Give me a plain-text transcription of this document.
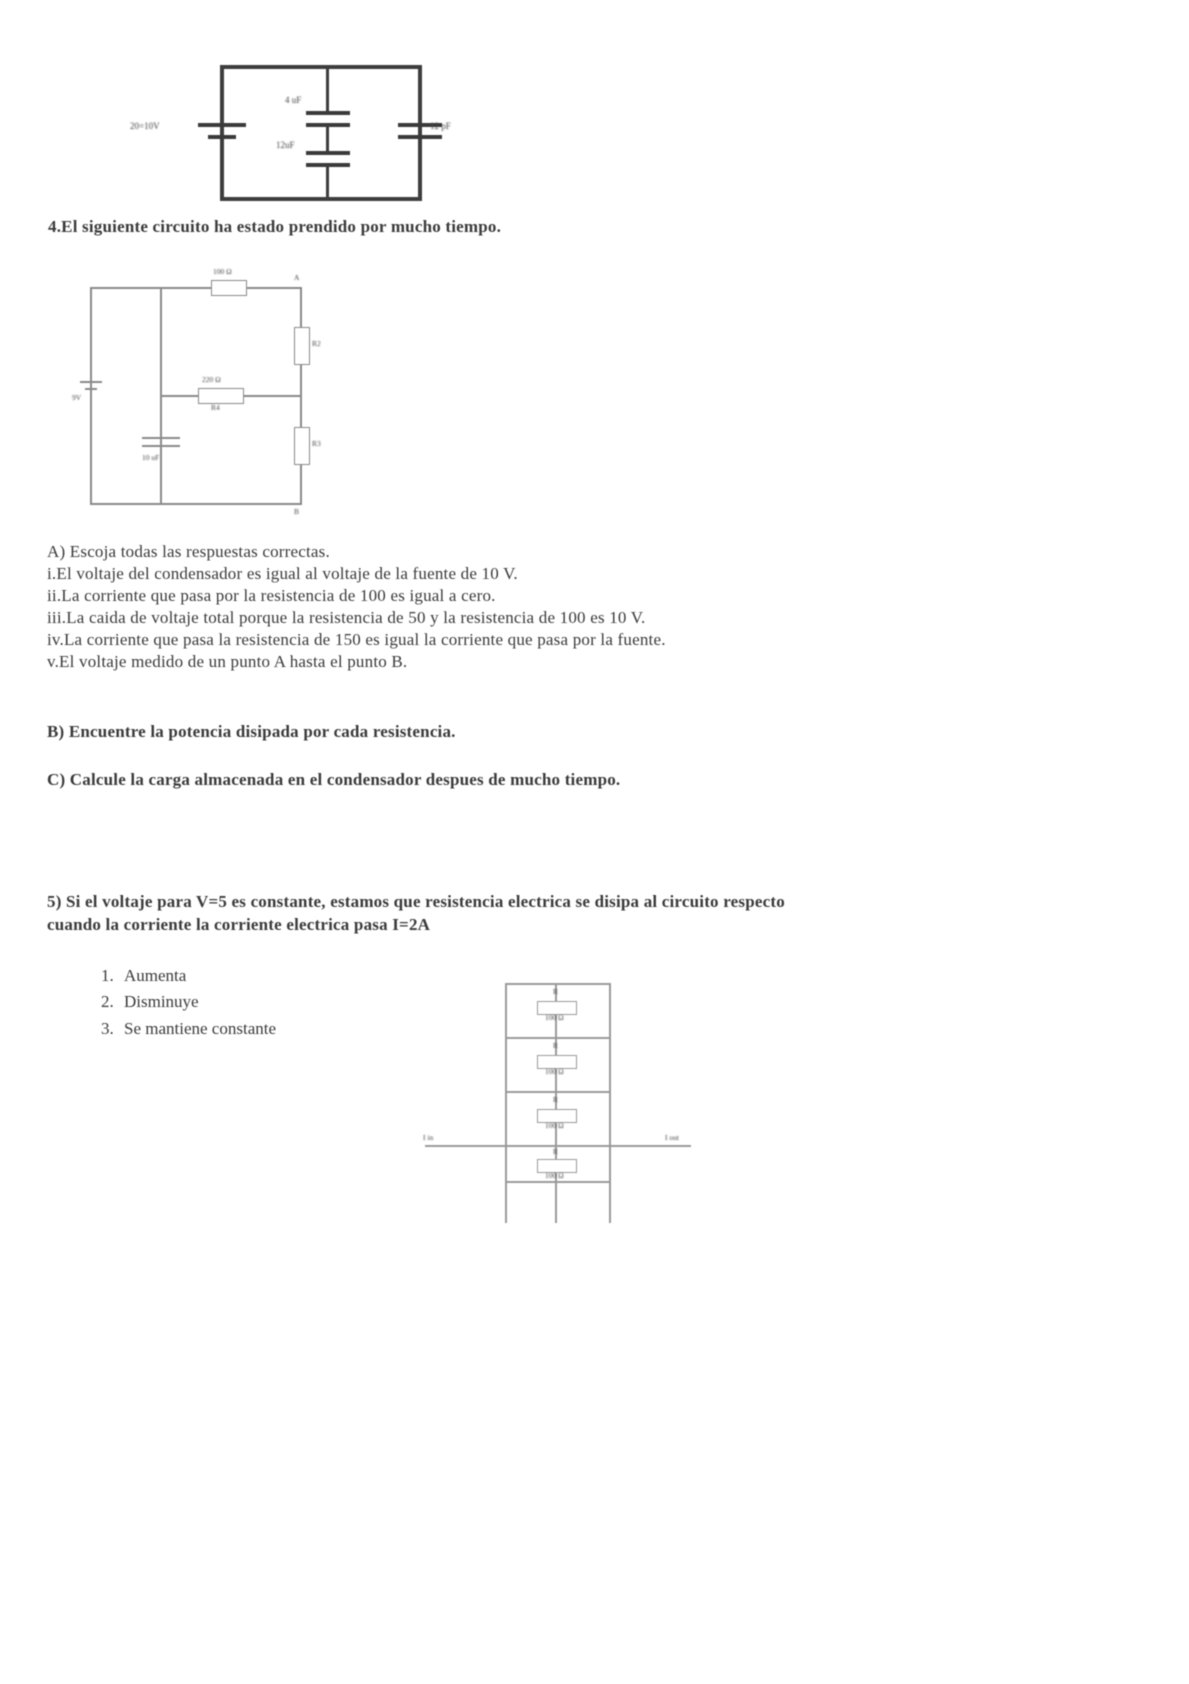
20=10V
4 uF
12uF
12 pF
4.El siguiente circuito ha estado prendido por mucho tiempo.
100 Ω
220 Ω
R4
R2
R3
9V
10 uF
A
B
A) Escoja todas las respuestas correctas.
i.El voltaje del condensador es igual al voltaje de la fuente de 10 V.
ii.La corriente que pasa por la resistencia de 100 es igual a cero.
iii.La caida de voltaje total porque la resistencia de 50 y la resistencia de 100 es 10 V.
iv.La corriente que pasa la resistencia de 150 es igual la corriente que pasa por la fuente.
v.El voltaje medido de un punto A hasta el punto B.
B) Encuentre la potencia disipada por cada resistencia.
C) Calcule la carga almacenada en el condensador despues de mucho tiempo.
5) Si el voltaje para V=5 es constante, estamos que resistencia electrica se disipa al circuito respecto
cuando la corriente la corriente electrica pasa I=2A
1. Aumenta
2. Disminuye
3. Se mantiene constante
R
100 Ω
R
100 Ω
R
100 Ω
R
100 Ω
I in	I out
